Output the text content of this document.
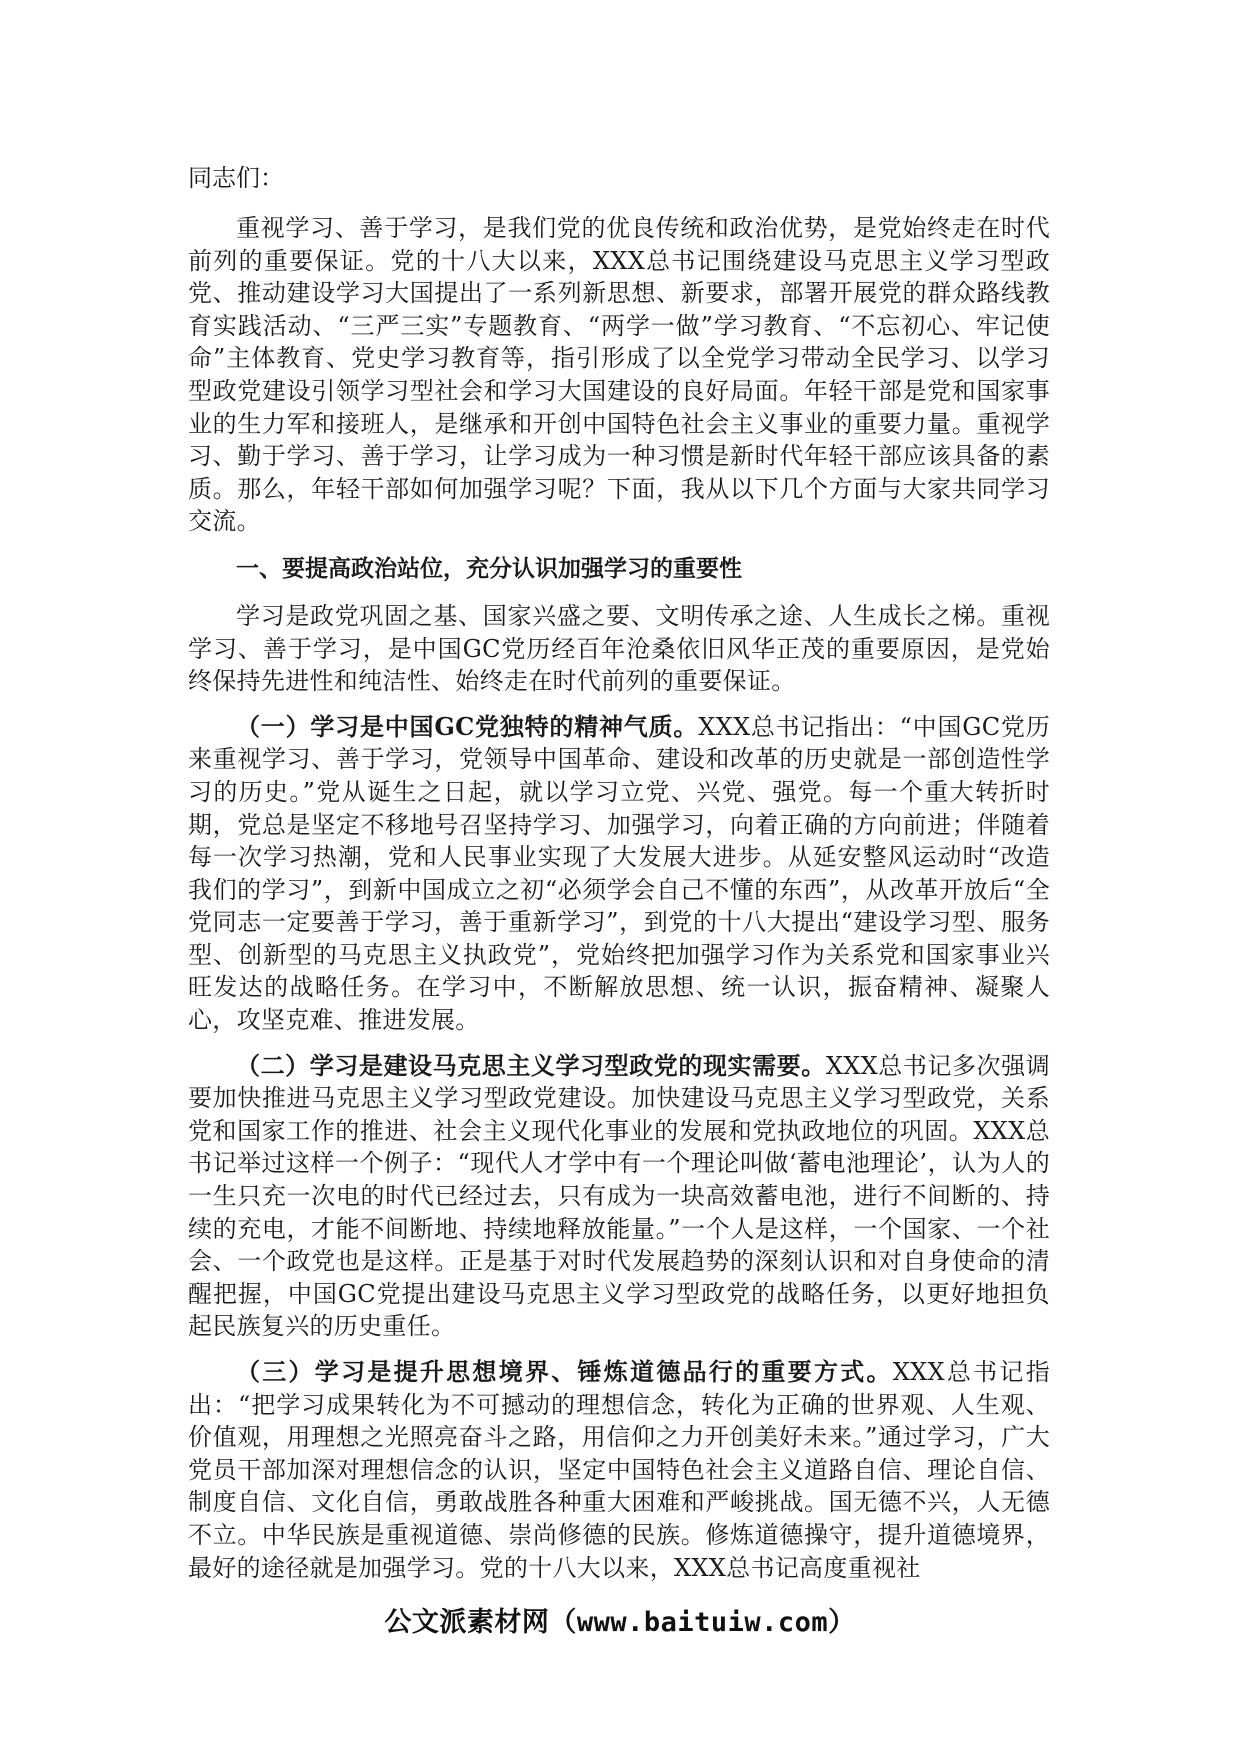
同志们：

重视学习、善于学习，是我们党的优良传统和政治优势，是党始终走在时代前列的重要保证。党的十八大以来，XXX总书记围绕建设马克思主义学习型政党、推动建设学习大国提出了一系列新思想、新要求，部署开展党的群众路线教育实践活动、“三严三实”专题教育、“两学一做”学习教育、“不忘初心、牢记使命”主体教育、党史学习教育等，指引形成了以全党学习带动全民学习、以学习型政党建设引领学习型社会和学习大国建设的良好局面。年轻干部是党和国家事业的生力军和接班人，是继承和开创中国特色社会主义事业的重要力量。重视学习、勤于学习、善于学习，让学习成为一种习惯是新时代年轻干部应该具备的素质。那么，年轻干部如何加强学习呢？下面，我从以下几个方面与大家共同学习交流。

一、要提高政治站位，充分认识加强学习的重要性

学习是政党巩固之基、国家兴盛之要、文明传承之途、人生成长之梯。重视学习、善于学习，是中国GC党历经百年沧桑依旧风华正茂的重要原因，是党始终保持先进性和纯洁性、始终走在时代前列的重要保证。

（一）学习是中国GC党独特的精神气质。XXX总书记指出：“中国GC党历来重视学习、善于学习，党领导中国革命、建设和改革的历史就是一部创造性学习的历史。”党从诞生之日起，就以学习立党、兴党、强党。每一个重大转折时期，党总是坚定不移地号召坚持学习、加强学习，向着正确的方向前进；伴随着每一次学习热潮，党和人民事业实现了大发展大进步。从延安整风运动时“改造我们的学习”，到新中国成立之初“必须学会自己不懂的东西”，从改革开放后“全党同志一定要善于学习，善于重新学习”，到党的十八大提出“建设学习型、服务型、创新型的马克思主义执政党”，党始终把加强学习作为关系党和国家事业兴旺发达的战略任务。在学习中，不断解放思想、统一认识，振奋精神、凝聚人心，攻坚克难、推进发展。

（二）学习是建设马克思主义学习型政党的现实需要。XXX总书记多次强调要加快推进马克思主义学习型政党建设。加快建设马克思主义学习型政党，关系党和国家工作的推进、社会主义现代化事业的发展和党执政地位的巩固。XXX总书记举过这样一个例子：“现代人才学中有一个理论叫做‘蓄电池理论’，认为人的一生只充一次电的时代已经过去，只有成为一块高效蓄电池，进行不间断的、持续的充电，才能不间断地、持续地释放能量。”一个人是这样，一个国家、一个社会、一个政党也是这样。正是基于对时代发展趋势的深刻认识和对自身使命的清醒把握，中国GC党提出建设马克思主义学习型政党的战略任务，以更好地担负起民族复兴的历史重任。

（三）学习是提升思想境界、锤炼道德品行的重要方式。XXX总书记指出：“把学习成果转化为不可撼动的理想信念，转化为正确的世界观、人生观、价值观，用理想之光照亮奋斗之路，用信仰之力开创美好未来。”通过学习，广大党员干部加深对理想信念的认识，坚定中国特色社会主义道路自信、理论自信、制度自信、文化自信，勇敢战胜各种重大困难和严峻挑战。国无德不兴，人无德不立。中华民族是重视道德、崇尚修德的民族。修炼道德操守，提升道德境界，最好的途径就是加强学习。党的十八大以来，XXX总书记高度重视社

公文派素材网（www.baituiw.com）
